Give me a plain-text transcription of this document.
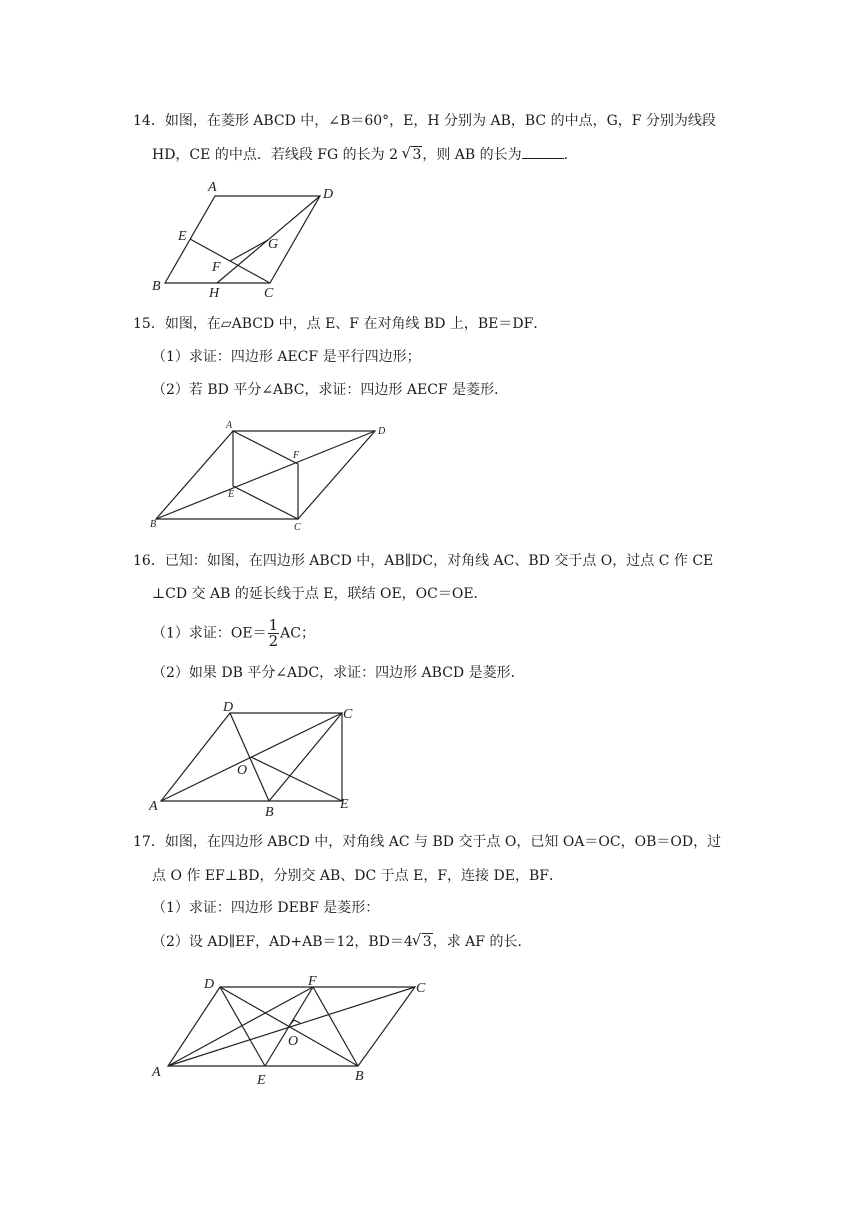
14．如图，在菱形 ABCD 中，∠B＝60°，E，H 分别为 AB，BC 的中点，G，F 分别为线段
HD，CE 的中点．若线段 FG 的长为 2 √ 3，则 AB 的长为	．
A	D
E
G
F
B	H	C
15．如图，在▱ABCD 中，点 E、F 在对角线 BD 上，BE＝DF．
（1）求证：四边形 AECF 是平行四边形；
（2）若 BD 平分∠ABC，求证：四边形 AECF 是菱形．
A
D
F
E
B	C
16．已知：如图，在四边形 ABCD 中，AB∥DC，对角线 AC、BD 交于点 O，过点 C 作 CE
⊥CD 交 AB 的延长线于点 E，联结 OE，OC＝OE．
（1）求证：$OE= \frac{1}{2}$ AC；
（2）如果 DB 平分∠ADC，求证：四边形 ABCD 是菱形．
D	C
O
A	B
E
17．如图，在四边形 ABCD 中，对角线 AC 与 BD 交于点 O，已知 OA＝OC，OB＝OD，过
点 O 作 EF⊥BD，分别交 AB、DC 于点 E，F，连接 DE，BF．
（1）求证：四边形 DEBF 是菱形：
（2）设 AD∥EF，AD+AB＝12，BD＝4 √ 3，求 AF 的长．
D	F	C
O
A
E	B
